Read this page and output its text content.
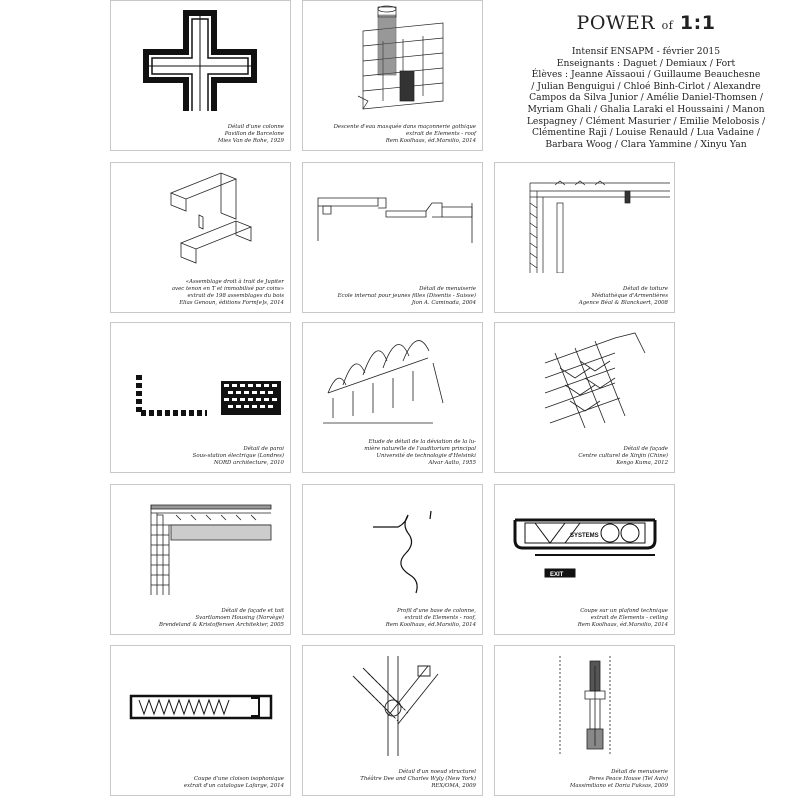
POWER of 1:1
Intensif ENSAPM - février 2015
Enseignants : Daguet / Demiaux / Fort
Élèves : Jeanne Aïssaoui / Guillaume Beauchesne
/ Julian Benguigui / Chloé Binh-Cirlot / Alexandre
Campos da Silva Junior / Amélie Daniel-Thomsen /
Myriam Ghali / Ghalia Laraki el Houssaini / Manon
Lespagney / Clément Masurier / Emilie Melobosis /
Clémentine Raji / Louise Renauld / Lua Vadaine /
Barbara Woog / Clara Yammine / Xinyu Yan
Détail d'une colonne
Pavillon de Barcelone
Mies Van de Rohe, 1929
Descente d'eau masquée dans maçonnerie gothique
extrait de Elements - roof
Rem Koolhaas, éd.Marsilio, 2014
«Assemblage droit à trait de Jupiter
avec tenon en T et immobilisé par coins»
extrait de 198 assemblages du bois
Elias Genoun, éditions Form[e]s, 2014
Détail de menuiserie
Ecole internat pour jeunes filles (Disentis - Suisse)
Jion A. Caminada, 2004
Détail de toiture
Médiathèque d'Armentières
Agence Béal & Blanckaert, 2008
Détail de paroi
Sous-station électrique (Londres)
NORD architecture, 2010
Etude de détail de la déviation de la lu-
mière naturelle de l'auditorium principal
Université de technologie d'Helsinki
Alvar Aalto, 1955
Détail de façade
Centre culturel de Xinjin (Chine)
Kengo Kuma, 2012
Détail de façade et toit
Svartlamoen Housing (Norvège)
Brendeland & Kristoffersen Architekter, 2005
Profil d'une base de colonne,
extrait de Elements - roof,
Rem Koolhaas, éd.Marsilio, 2014
SYSTEMS
EXIT
Coupe sur un plafond technique
extrait de Elements - ceiling
Rem Koolhaas, éd.Marsilio, 2014
Coupe d'une cloison isophonique
extrait d'un catalogue Lafarge, 2014
Détail d'un noeud structurel
Théâtre Dee and Charles Wyly (New York)
REX/OMA, 2009
Détail de menuiserie
Peres Peace House (Tel Aviv)
Massimiliano et Doria Fuksas, 2009
